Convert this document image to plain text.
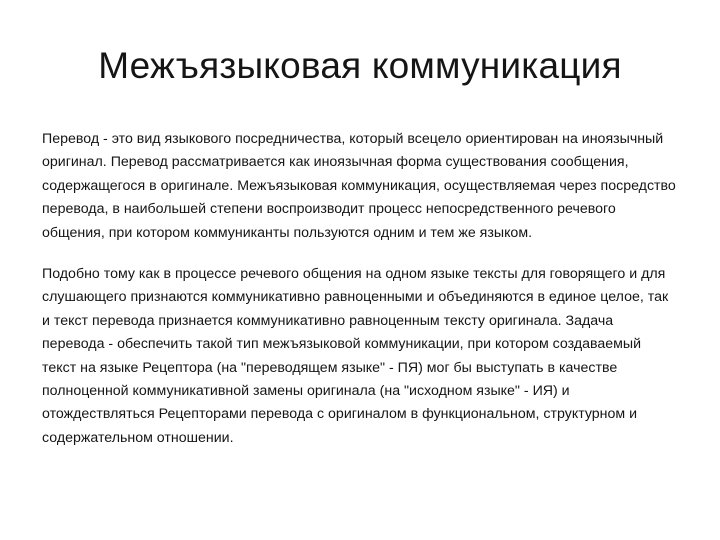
Межъязыковая коммуникация

Перевод - это вид языкового посредничества, который всецело ориентирован на иноязычный оригинал. Перевод рассматривается как иноязычная форма существования сообщения, содержащегося в оригинале. Межъязыковая коммуникация, осуществляемая через посредство перевода, в наибольшей степени воспроизводит процесс непосредственного речевого общения, при котором коммуниканты пользуются одним и тем же языком.

Подобно тому как в процессе речевого общения на одном языке тексты для говорящего и для слушающего признаются коммуникативно равноценными и объединяются в единое целое, так и текст перевода признается коммуникативно равноценным тексту оригинала. Задача перевода - обеспечить такой тип межъязыковой коммуникации, при котором создаваемый текст на языке Рецептора (на "переводящем языке" - ПЯ) мог бы выступать в качестве полноценной коммуникативной замены оригинала (на "исходном языке" - ИЯ) и отождествляться Рецепторами перевода с оригиналом в функциональном, структурном и содержательном отношении.
